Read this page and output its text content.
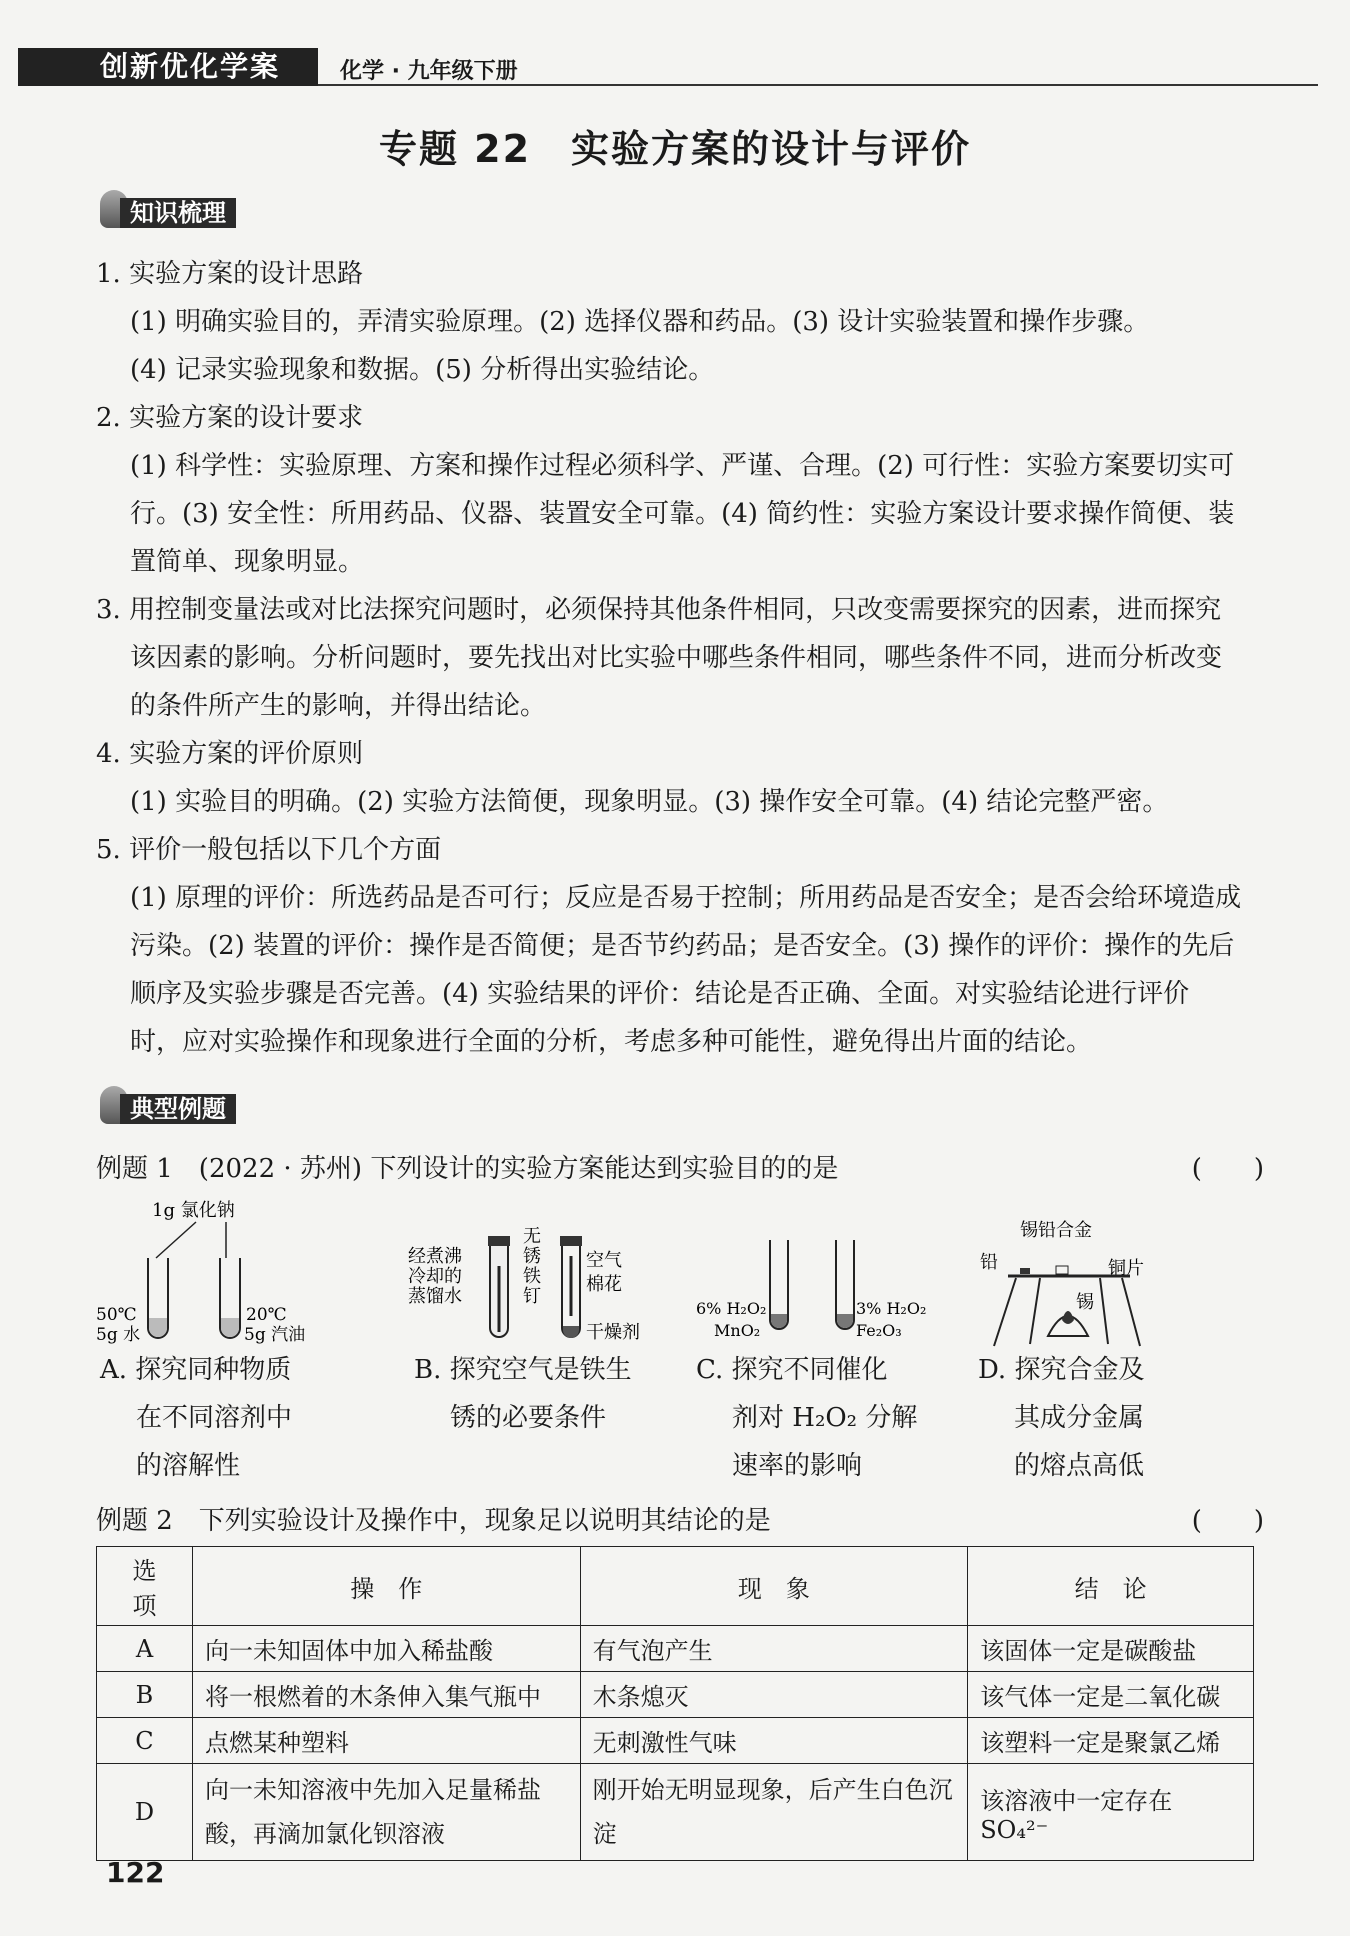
创新优化学案	化学 · 九年级下册
专题 22　实验方案的设计与评价
知识梳理

1. 实验方案的设计思路

(1) 明确实验目的，弄清实验原理。(2) 选择仪器和药品。(3) 设计实验装置和操作步骤。

(4) 记录实验现象和数据。(5) 分析得出实验结论。

2. 实验方案的设计要求

(1) 科学性：实验原理、方案和操作过程必须科学、严谨、合理。(2) 可行性：实验方案要切实可

行。(3) 安全性：所用药品、仪器、装置安全可靠。(4) 简约性：实验方案设计要求操作简便、装

置简单、现象明显。

3. 用控制变量法或对比法探究问题时，必须保持其他条件相同，只改变需要探究的因素，进而探究

该因素的影响。分析问题时，要先找出对比实验中哪些条件相同，哪些条件不同，进而分析改变

的条件所产生的影响，并得出结论。

4. 实验方案的评价原则

(1) 实验目的明确。(2) 实验方法简便，现象明显。(3) 操作安全可靠。(4) 结论完整严密。

5. 评价一般包括以下几个方面

(1) 原理的评价：所选药品是否可行；反应是否易于控制；所用药品是否安全；是否会给环境造成

污染。(2) 装置的评价：操作是否简便；是否节约药品；是否安全。(3) 操作的评价：操作的先后

顺序及实验步骤是否完善。(4) 实验结果的评价：结论是否正确、全面。对实验结论进行评价

时，应对实验操作和现象进行全面的分析，考虑多种可能性，避免得出片面的结论。

典型例题
例题 1　(2022 · 苏州) 下列设计的实验方案能达到实验目的的是	(　　)
1g 氯化钠
50℃
5g 水
20℃
5g 汽油
A. 探究同种物质
在不同溶剂中
的溶解性
经煮沸
冷却的
蒸馏水
无
锈
铁
钉
空气
棉花
干燥剂
B. 探究空气是铁生
锈的必要条件
6% H₂O₂
MnO₂
3% H₂O₂
Fe₂O₃
C. 探究不同催化
剂对 H₂O₂ 分解
速率的影响
锡铅合金
铅	铜片
锡
D. 探究合金及
其成分金属
的熔点高低
例题 2　下列实验设计及操作中，现象足以说明其结论的是	(　　)
选　项	操　作	现　象	结　论
A	向一未知固体中加入稀盐酸	有气泡产生	该固体一定是碳酸盐
B	将一根燃着的木条伸入集气瓶中	木条熄灭	该气体一定是二氧化碳
C	点燃某种塑料	无刺激性气味	该塑料一定是聚氯乙烯
D	向一未知溶液中先加入足量稀盐酸，再滴加氯化钡溶液	刚开始无明显现象，后产生白色沉淀	该溶液中一定存在 SO₄²⁻
122
